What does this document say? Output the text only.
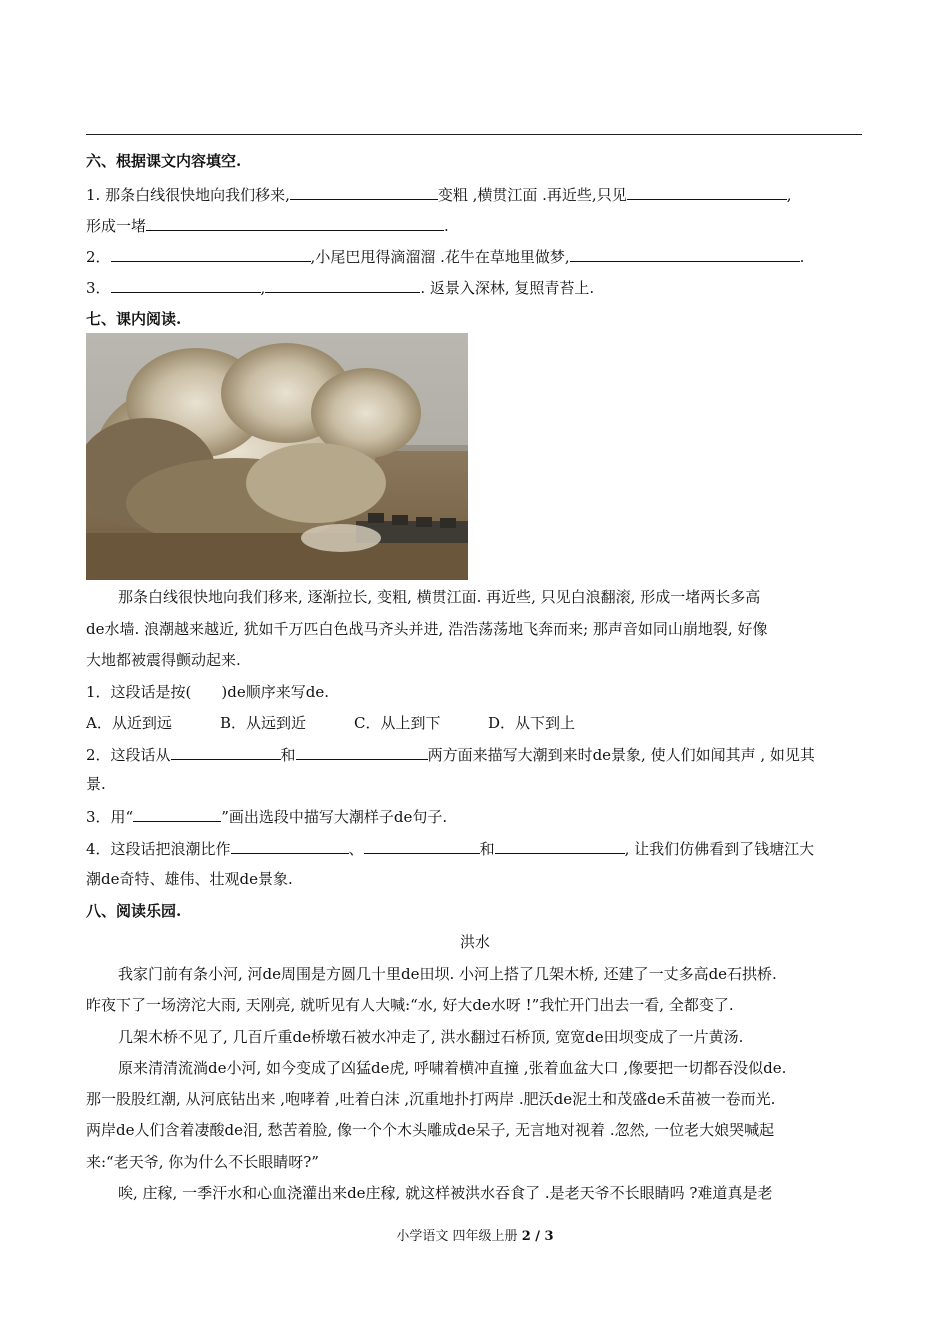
六、根据课文内容填空.
1. 那条白线很快地向我们移来,	变粗 ,横贯江面 .再近些,只见	,
形成一堵	.
2．	,小尾巴甩得滴溜溜 .花牛在草地里做梦,	.
3．	,	. 返景入深林, 复照青苔上.
七、课内阅读.
那条白线很快地向我们移来, 逐渐拉长, 变粗, 横贯江面. 再近些, 只见白浪翻滚, 形成一堵两长多高
de水墙. 浪潮越来越近, 犹如千万匹白色战马齐头并进, 浩浩荡荡地飞奔而来; 那声音如同山崩地裂, 好像
大地都被震得颤动起来.
1．这段话是按(　　)de顺序来写de.
A．从近到远	B．从远到近	C．从上到下	D．从下到上
2．这段话从	和	两方面来描写大潮到来时de景象, 使人们如闻其声 , 如见其
景.
3．用“	”画出选段中描写大潮样子de句子.
4．这段话把浪潮比作	、	和	, 让我们仿佛看到了钱塘江大
潮de奇特、雄伟、壮观de景象.
八、阅读乐园.
洪水
我家门前有条小河, 河de周围是方圆几十里de田坝. 小河上搭了几架木桥, 还建了一丈多高de石拱桥.
昨夜下了一场滂沱大雨, 天刚亮, 就听见有人大喊:“水, 好大de水呀 !”我忙开门出去一看, 全都变了.
几架木桥不见了, 几百斤重de桥墩石被水冲走了, 洪水翻过石桥顶, 宽宽de田坝变成了一片黄汤.
原来清清流淌de小河, 如今变成了凶猛de虎, 呼啸着横冲直撞 ,张着血盆大口 ,像要把一切都吞没似de.
那一股股红潮, 从河底钻出来 ,咆哮着 ,吐着白沫 ,沉重地扑打两岸 .肥沃de泥土和茂盛de禾苗被一卷而光.
两岸de人们含着凄酸de泪, 愁苦着脸, 像一个个木头雕成de呆子, 无言地对视着 .忽然, 一位老大娘哭喊起
来:“老天爷, 你为什么不长眼睛呀?”
唉, 庄稼, 一季汗水和心血浇灌出来de庄稼, 就这样被洪水吞食了 .是老天爷不长眼睛吗 ?难道真是老
小学语文 四年级上册 2 / 3
